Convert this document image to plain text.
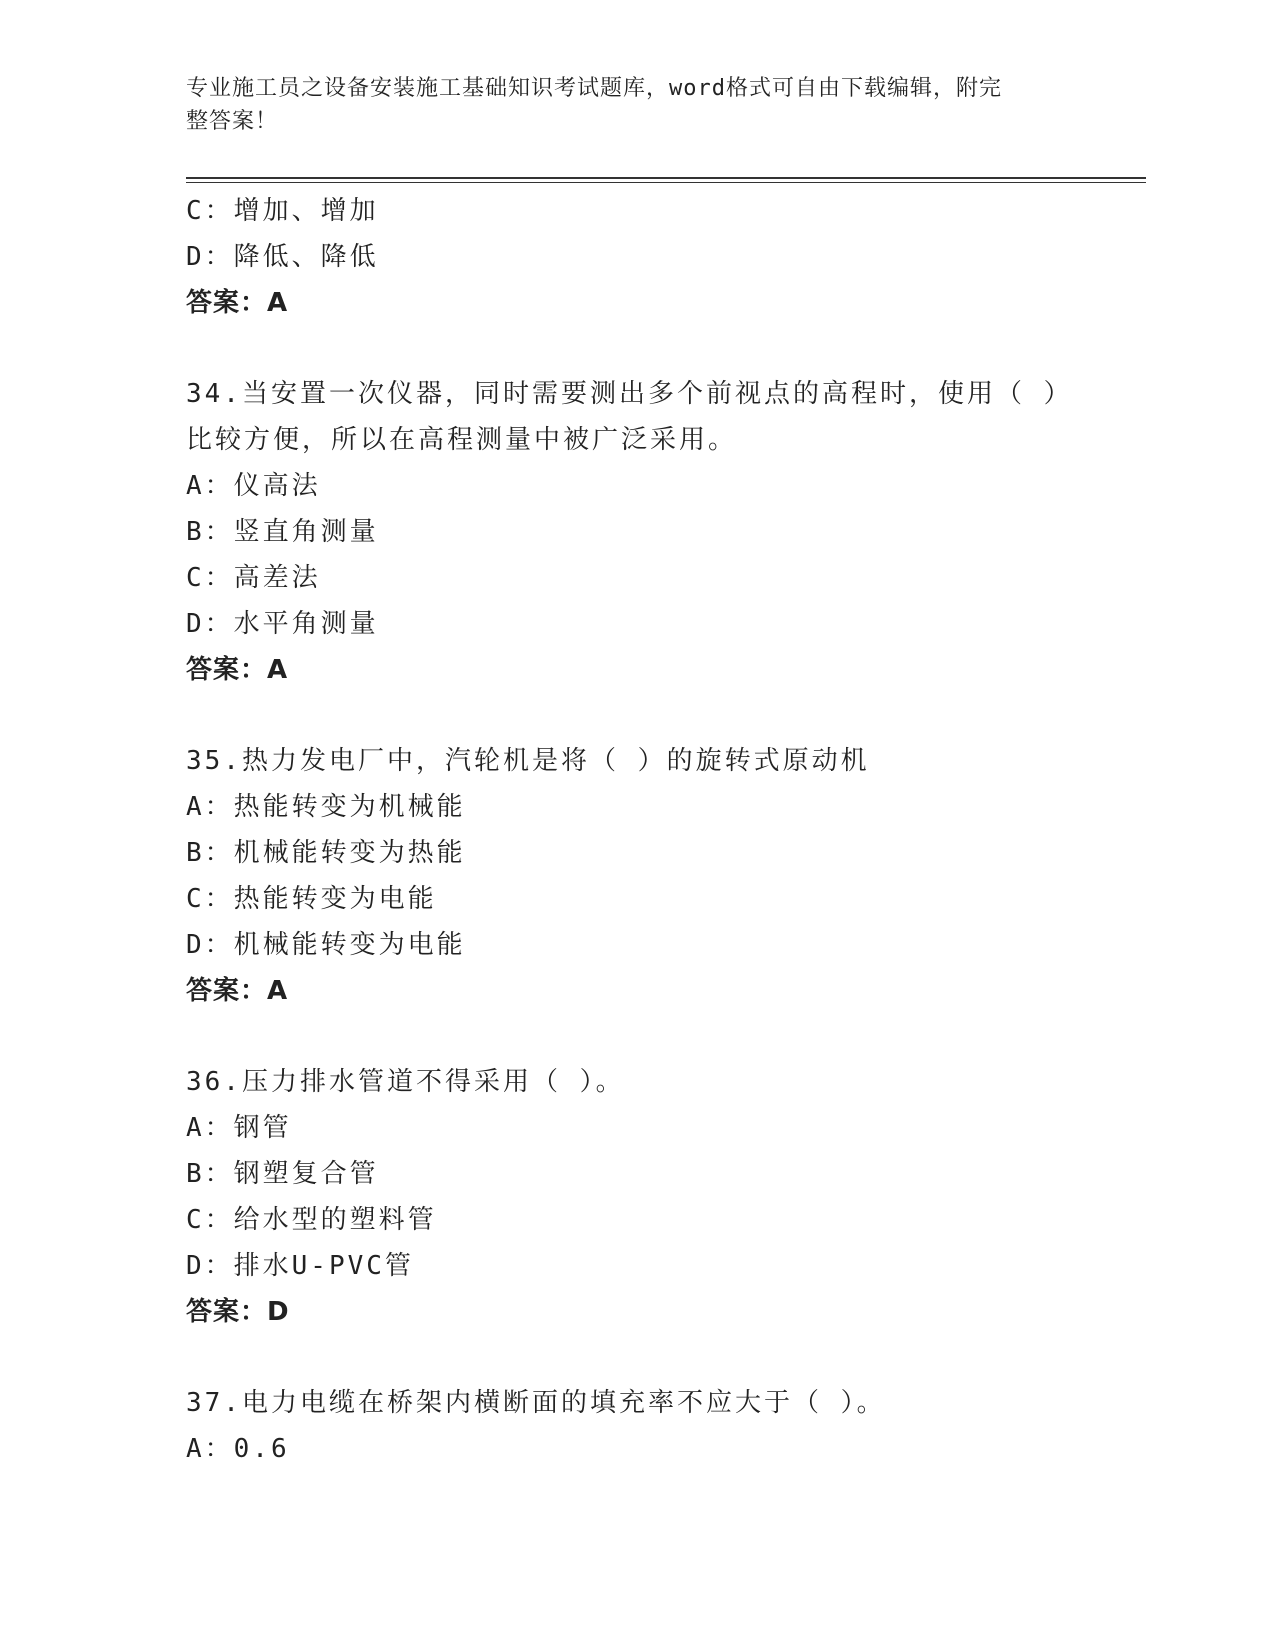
专业施工员之设备安装施工基础知识考试题库，word格式可自由下载编辑，附完
整答案！
C：增加、增加
D：降低、降低
答案：A
34.当安置一次仪器，同时需要测出多个前视点的高程时，使用（ ）
比较方便，所以在高程测量中被广泛采用。
A：仪高法
B：竖直角测量
C：高差法
D：水平角测量
答案：A
35.热力发电厂中，汽轮机是将（ ）的旋转式原动机
A：热能转变为机械能
B：机械能转变为热能
C：热能转变为电能
D：机械能转变为电能
答案：A
36.压力排水管道不得采用（ ）。
A：钢管
B：钢塑复合管
C：给水型的塑料管
D：排水U-PVC管
答案：D
37.电力电缆在桥架内横断面的填充率不应大于（ ）。
A：0.6
